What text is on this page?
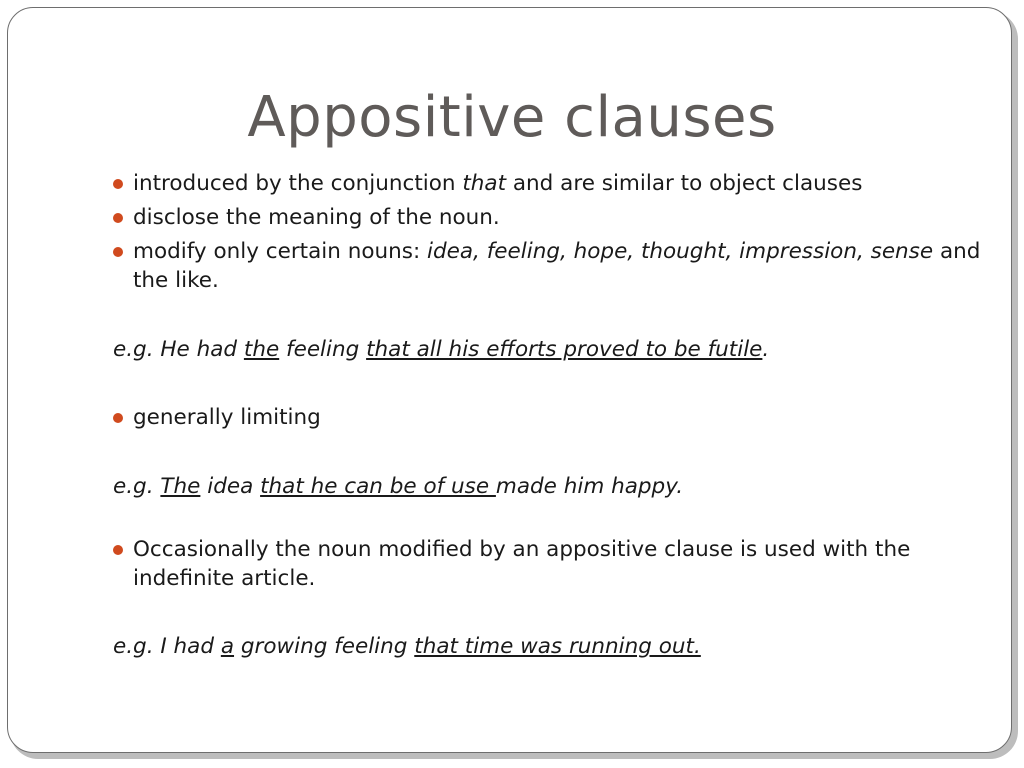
Appositive clauses
introduced by the conjunction that and are similar to object clauses
disclose the meaning of the noun.
modify only certain nouns: idea, feeling, hope, thought, impression, sense and the like.
e.g. He had the feeling that all his efforts proved to be futile.
generally limiting
e.g. The idea that he can be of use made him happy.
Occasionally the noun modified by an appositive clause is used with the indefinite article.
e.g. I had a growing feeling that time was running out.
